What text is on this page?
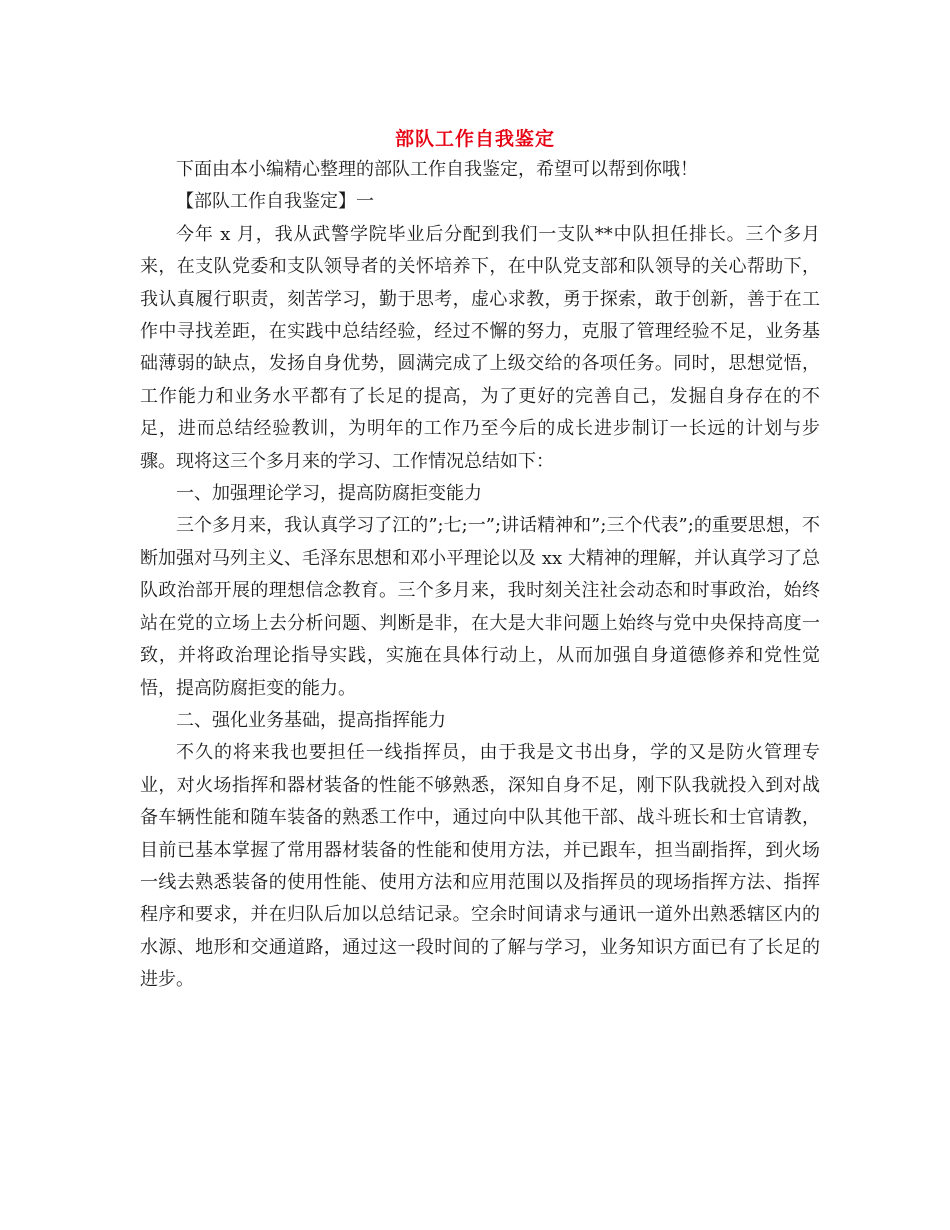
部队工作自我鉴定

下面由本小编精心整理的部队工作自我鉴定，希望可以帮到你哦！

【部队工作自我鉴定】一

今年 x 月，我从武警学院毕业后分配到我们一支队**中队担任排长。三个多月来，在支队党委和支队领导者的关怀培养下，在中队党支部和队领导的关心帮助下，我认真履行职责，刻苦学习，勤于思考，虚心求教，勇于探索，敢于创新，善于在工作中寻找差距，在实践中总结经验，经过不懈的努力，克服了管理经验不足，业务基础薄弱的缺点，发扬自身优势，圆满完成了上级交给的各项任务。同时，思想觉悟，工作能力和业务水平都有了长足的提高，为了更好的完善自己，发掘自身存在的不足，进而总结经验教训，为明年的工作乃至今后的成长进步制订一长远的计划与步骤。现将这三个多月来的学习、工作情况总结如下：

一、加强理论学习，提高防腐拒变能力

三个多月来，我认真学习了江的”;七;一”;讲话精神和”;三个代表”;的重要思想，不断加强对马列主义、毛泽东思想和邓小平理论以及 xx 大精神的理解，并认真学习了总队政治部开展的理想信念教育。三个多月来，我时刻关注社会动态和时事政治，始终站在党的立场上去分析问题、判断是非，在大是大非问题上始终与党中央保持高度一致，并将政治理论指导实践，实施在具体行动上，从而加强自身道德修养和党性觉悟，提高防腐拒变的能力。

二、强化业务基础，提高指挥能力

不久的将来我也要担任一线指挥员，由于我是文书出身，学的又是防火管理专业，对火场指挥和器材装备的性能不够熟悉，深知自身不足，刚下队我就投入到对战备车辆性能和随车装备的熟悉工作中，通过向中队其他干部、战斗班长和士官请教，目前已基本掌握了常用器材装备的性能和使用方法，并已跟车，担当副指挥，到火场一线去熟悉装备的使用性能、使用方法和应用范围以及指挥员的现场指挥方法、指挥程序和要求，并在归队后加以总结记录。空余时间请求与通讯一道外出熟悉辖区内的水源、地形和交通道路，通过这一段时间的了解与学习，业务知识方面已有了长足的进步。
